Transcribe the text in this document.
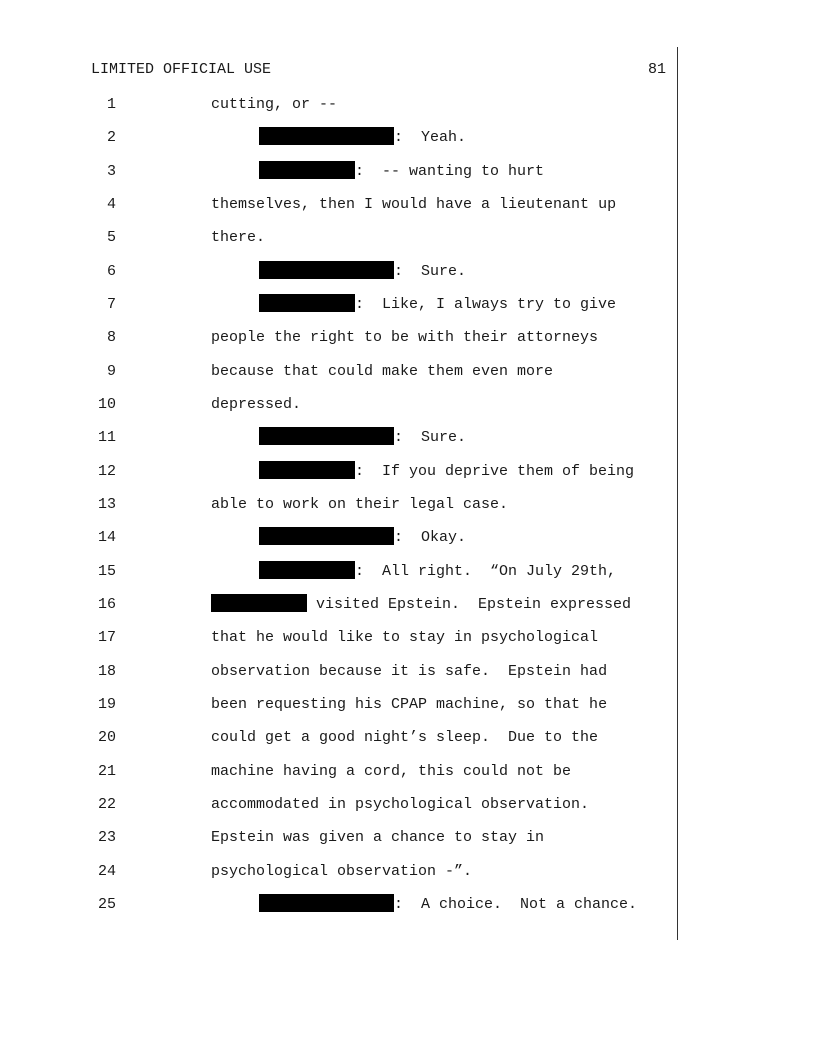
LIMITED OFFICIAL USE	81
1	cutting, or --
2	:  Yeah.
3	:  -- wanting to hurt
4	themselves, then I would have a lieutenant up
5	there.
6	:  Sure.
7	:  Like, I always try to give
8	people the right to be with their attorneys
9	because that could make them even more
10	depressed.
11	:  Sure.
12	:  If you deprive them of being
13	able to work on their legal case.
14	:  Okay.
15	:  All right.  “On July 29th,
16	visited Epstein.  Epstein expressed
17	that he would like to stay in psychological
18	observation because it is safe.  Epstein had
19	been requesting his CPAP machine, so that he
20	could get a good night’s sleep.  Due to the
21	machine having a cord, this could not be
22	accommodated in psychological observation.
23	Epstein was given a chance to stay in
24	psychological observation -”.
25	:  A choice.  Not a chance.
